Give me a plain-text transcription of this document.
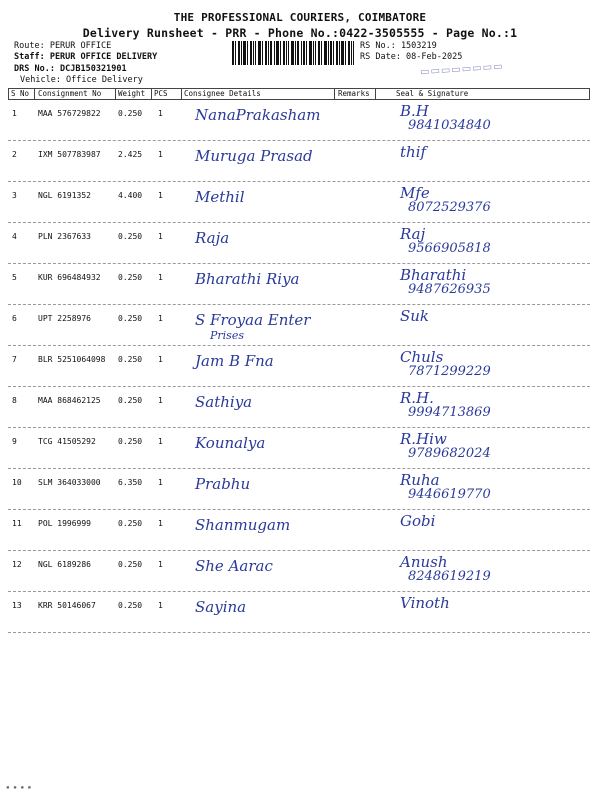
THE PROFESSIONAL COURIERS, COIMBATORE
Delivery Runsheet - PRR - Phone No.:0422-3505555 - Page No.:1
Route: PERUR OFFICE
Staff: PERUR OFFICE DELIVERY
DRS No.: DCJB150321901
Vehicle: Office Delivery
RS No.: 1503219
RS Date: 08-Feb-2025
▭▭▭▭▭▭▭▭
S No Consignment No Weight PCS Consignee Details	Remarks	Seal & Signature
1	MAA 576729822 0.250 1 NanaPrakasham	B.H
9841034840
2	IXM 507783987 2.425 1 Muruga Prasad	thif
3	NGL 6191352	4.400 1 Methil	Mfe
8072529376
4	PLN 2367633	0.250 1 Raja	Raj
9566905818
5	KUR 696484932 0.250 1 Bharathi Riya	Bharathi
9487626935
6	UPT 2258976	0.250 1 S Froyaa Enter
Prises
Suk
7	BLR 5251064098 0.250 1 Jam B Fna	Chuls
7871299229
8	MAA 868462125 0.250 1 Sathiya	R.H.
9994713869
9	TCG 41505292	0.250 1 Kounalya	R.Hiw
9789682024
10 SLM 364033000 6.350 1 Prabhu	Ruha
9446619770
11 POL 1996999	0.250 1 Shanmugam	Gobi
12 NGL 6189286	0.250 1 She Aarac	Anush
8248619219
13 KRR 50146067	0.250 1 Sayina	Vinoth
▪ ▪ ▪ ▪
